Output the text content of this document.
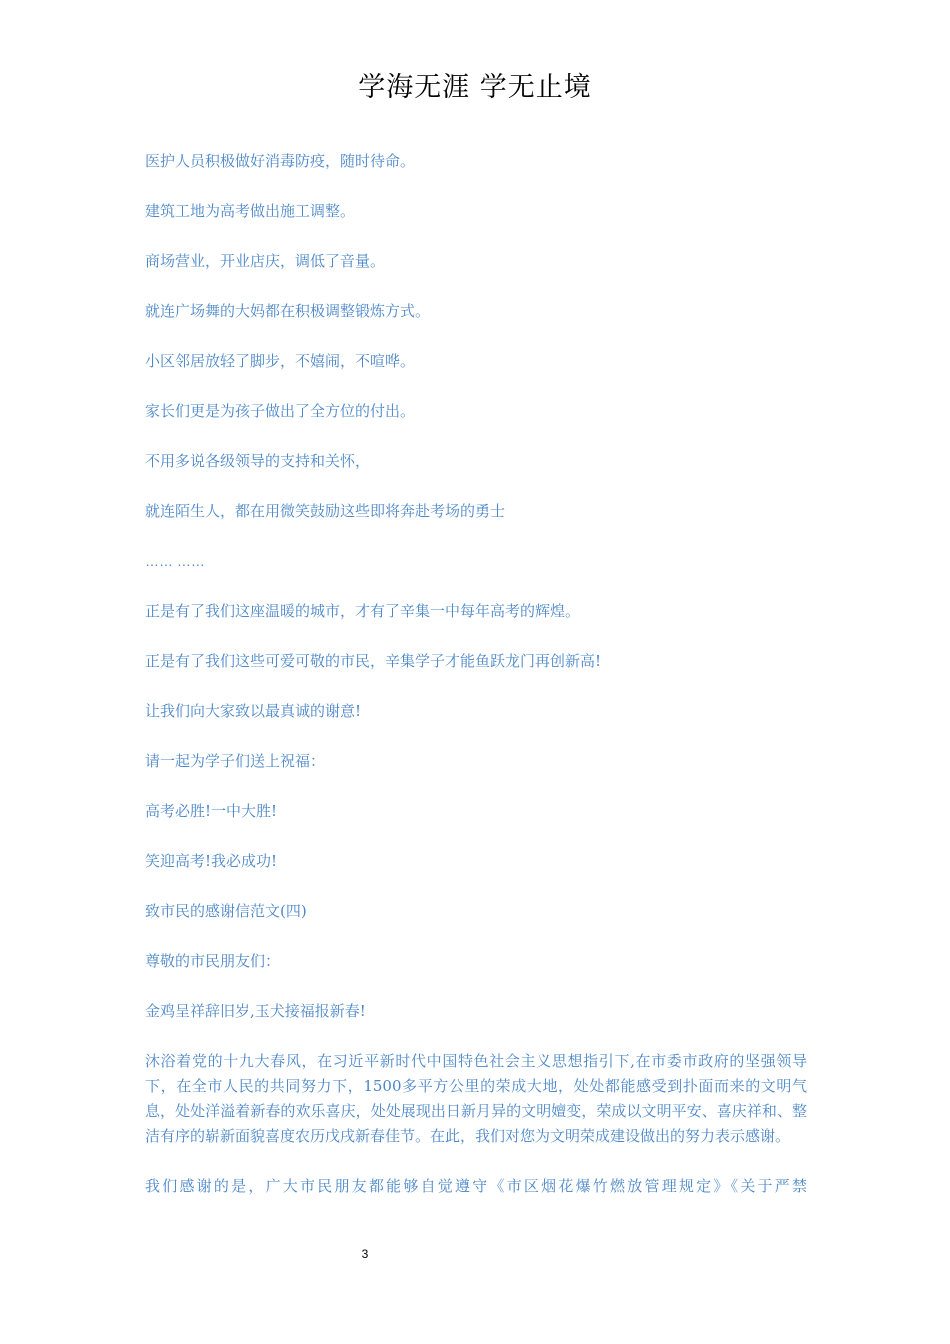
学海无涯 学无止境

医护人员积极做好消毒防疫，随时待命。

建筑工地为高考做出施工调整。

商场营业，开业店庆，调低了音量。

就连广场舞的大妈都在积极调整锻炼方式。

小区邻居放轻了脚步，不嬉闹，不喧哗。

家长们更是为孩子做出了全方位的付出。

不用多说各级领导的支持和关怀，

就连陌生人，都在用微笑鼓励这些即将奔赴考场的勇士

…… ……

正是有了我们这座温暖的城市，才有了辛集一中每年高考的辉煌。

正是有了我们这些可爱可敬的市民，辛集学子才能鱼跃龙门再创新高!

让我们向大家致以最真诚的谢意!

请一起为学子们送上祝福：

高考必胜!一中大胜!

笑迎高考!我必成功!

致市民的感谢信范文(四)

尊敬的市民朋友们：

金鸡呈祥辞旧岁,玉犬接福报新春!

沐浴着党的十九大春风，在习近平新时代中国特色社会主义思想指引下,在市委市政府的坚强领导下，在全市人民的共同努力下，1500多平方公里的荣成大地，处处都能感受到扑面而来的文明气息，处处洋溢着新春的欢乐喜庆，处处展现出日新月异的文明嬗变，荣成以文明平安、喜庆祥和、整洁有序的崭新面貌喜度农历戊戌新春佳节。在此，我们对您为文明荣成建设做出的努力表示感谢。

我们感谢的是，广大市民朋友都能够自觉遵守《市区烟花爆竹燃放管理规定》《关于严禁

3
